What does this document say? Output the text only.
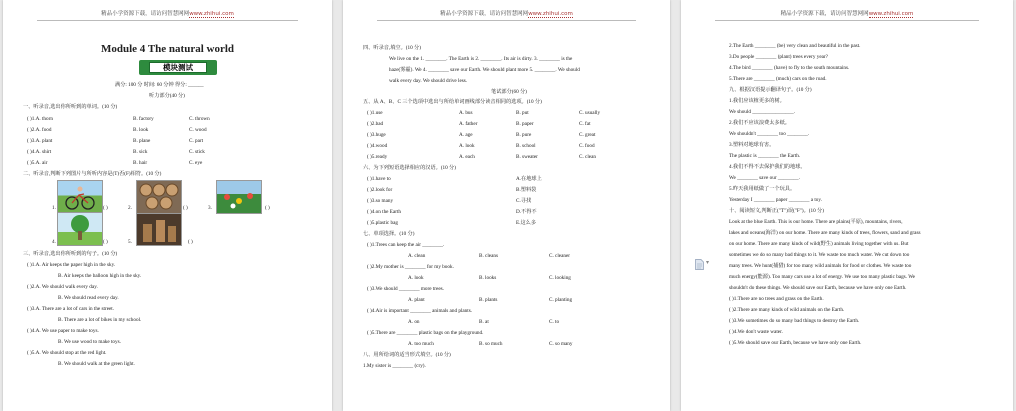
精品小学资源下载，请访问智慧网网www.zhihui.com
Module 4 The natural world
模块测试
满分: 100 分 时间: 60 分钟 得分: ______
听力部分(40 分)
一、听录音,选出你所听到的单词。(10 分)
( )1.A. thorn	B. factory	C. thrown
( )2.A. food	B. look	C. wood
( )3.A. plant	B. plane	C. part
( )4.A. shirt	B. sick	C. stick
( )5.A. air	B. hair	C. eye
二、听录音,判断下列图片与所听内容是(T)否(F)相符。(10 分)
1.	( )	2.	( )	3.	( )
4.	( )	5.	( )
三、听录音,选出你所听到的句子。(10 分)
( )1.A. Air keeps the paper high in the sky.
B. Air keeps the balloon high in the sky.
( )2.A. We should walk every day.
B. We should read every day.
( )3.A. There are a lot of cars in the street.
B. There are a lot of bikes in my school.
( )4.A. We use paper to make toys.
B. We use wood to make toys.
( )5.A. We should stop at the red light.
B. We should walk at the green light.
精品小学资源下载，请访问智慧网网www.zhihui.com
四、听录音,填空。(10 分)
We live on the 1. ________. The Earth is 2. ________. Its air is dirty. 3. ________ is the
haze(雾霾). We 4. ________ save our Earth. We should plant more 5. ________. We should
walk every day. We should drive less.
笔试部分(60 分)
五、从 A、B、C 三个选项中选出与所给单词画线部分读音相同的选项。(10 分)
( )1.use	A. bus	B. put	C. usually
( )2.bad	A. father	B. paper	C. fat
( )3.huge	A. age	B. pure	C. great
( )4.wood	A. look	B. school	C. food
( )5.ready	A. each	B. sweater	C. clean
六、为下列短语选择相应的汉语。(10 分)
( )1.have to	A.在地球上
( )2.look for	B.塑料袋
( )3.so many	C.寻找
( )4.on the Earth	D.不得不
( )5.plastic bag	E.这么多
七、单项选择。(10 分)
( )1.Trees can keep the air ________.
A. clean	B. cleans	C. cleaner
( )2.My mother is ________ for my book.
A. look	B. looks	C. looking
( )3.We should ________ more trees.
A. plant	B. plants	C. planting
( )4.Air is important ________ animals and plants.
A. on	B. at	C. to
( )5.There are ________ plastic bags on the playground.
A. too much	B. so much	C. so many
八、用所给词的适当形式填空。(10 分)
1.My sister is ________ (cry).
精品小学资源下载，请访问智慧网网www.zhihui.com
2.The Earth ________ (be) very clean and beautiful in the past.
3.Do people ________ (plant) trees every year?
4.The bird ________ (have) to fly to the south mountains.
5.There are ________ (much) cars on the road.
九、根据汉语提示翻译句子。(10 分)
1.我们应该植更多的树。
We should ________________.
2.我们不应该浪费太多纸。
We shouldn't ________ too ________.
3.塑料对地球有害。
The plastic is ________ the Earth.
4.我们不得不去保护我们的地球。
We ________ save our ________.
5.昨天我用纸做了一个玩具。
Yesterday I ________ paper ________ a toy.
十、阅读短文,判断正("T")误("F")。(10 分)
Look at the blue Earth. This is our home. There are plains(平原), mountains, rivers,
lakes and oceans(海洋) on our home. There are many kinds of trees, flowers, sand and grass
on our home. There are many kinds of wild(野生) animals living together with us. But
sometimes we do so many bad things to it. We waste too much water. We cut down too
many trees. We hunt(捕猎) for too many wild animals for food or clothes. We waste too
much energy(能源). Too many cars use a lot of energy. We use too many plastic bags. We
shouldn't do these things. We should save our Earth, because we have only one Earth.
( )1.There are no trees and grass on the Earth.
( )2.There are many kinds of wild animals on the Earth.
( )3.We sometimes do so many bad things to destroy the Earth.
( )4.We don't waste water.
( )5.We should save our Earth, because we have only one Earth.
▾
